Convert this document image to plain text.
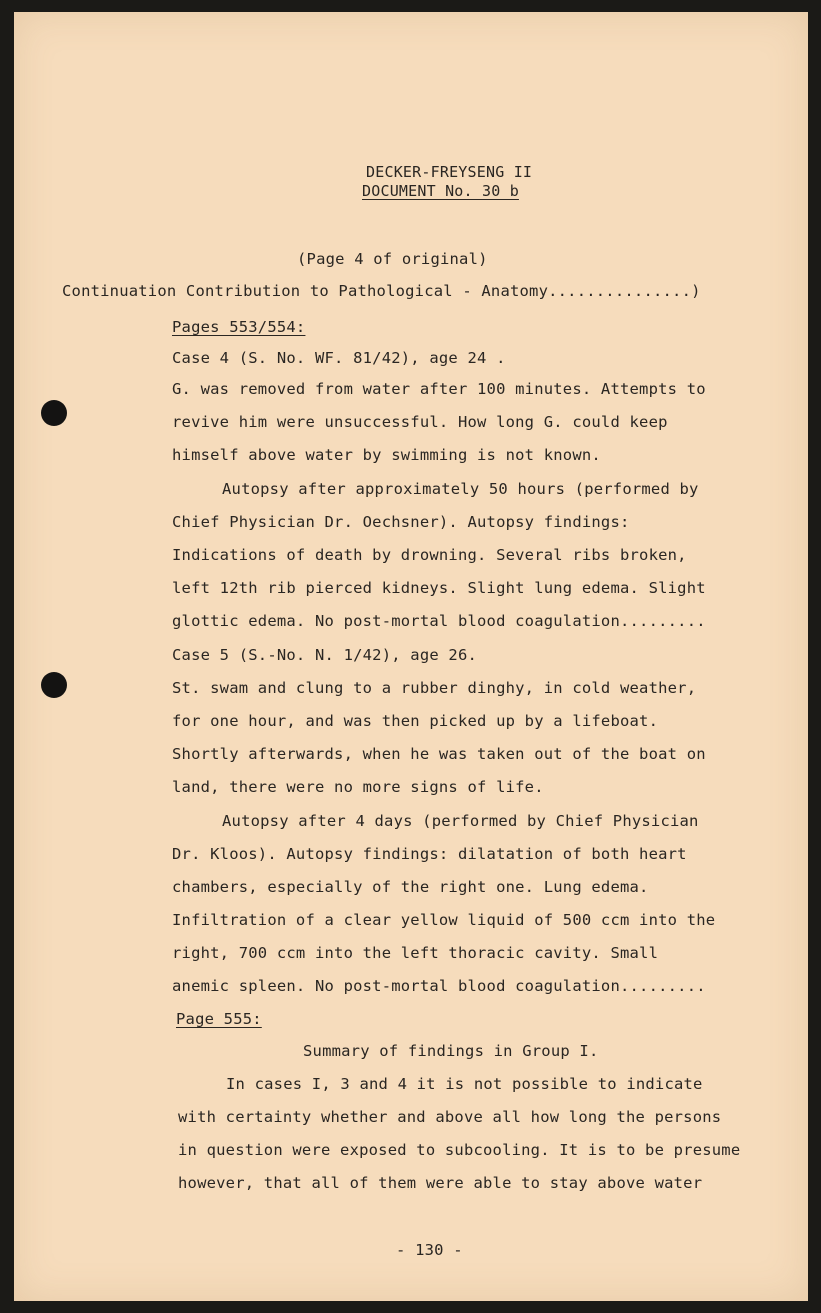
DECKER-FREYSENG II
DOCUMENT No. 30 b
(Page 4 of original)
Continuation Contribution to Pathological - Anatomy...............)
Pages 553/554:
Case 4 (S. No. WF. 81/42), age 24 .
G. was removed from water after 100 minutes. Attempts to
revive him were unsuccessful. How long G. could keep
himself above water by swimming is not known.
Autopsy after approximately 50 hours (performed by
Chief Physician Dr. Oechsner). Autopsy findings:
Indications of death by drowning. Several ribs broken,
left 12th rib pierced kidneys. Slight lung edema. Slight
glottic edema. No post-mortal blood coagulation.........
Case 5 (S.-No. N. 1/42), age 26.
St. swam and clung to a rubber dinghy, in cold weather,
for one hour, and was then picked up by a lifeboat.
Shortly afterwards, when he was taken out of the boat on
land, there were no more signs of life.
Autopsy after 4 days (performed by Chief Physician
Dr. Kloos). Autopsy findings: dilatation of both heart
chambers, especially of the right one. Lung edema.
Infiltration of a clear yellow liquid of 500 ccm into the
right, 700 ccm into the left thoracic cavity. Small
anemic spleen. No post-mortal blood coagulation.........
Page 555:
Summary of findings in Group I.
In cases I, 3 and 4 it is not possible to indicate
with certainty whether and above all how long the persons
in question were exposed to subcooling. It is to be presume
however, that all of them were able to stay above water
- 130 -
